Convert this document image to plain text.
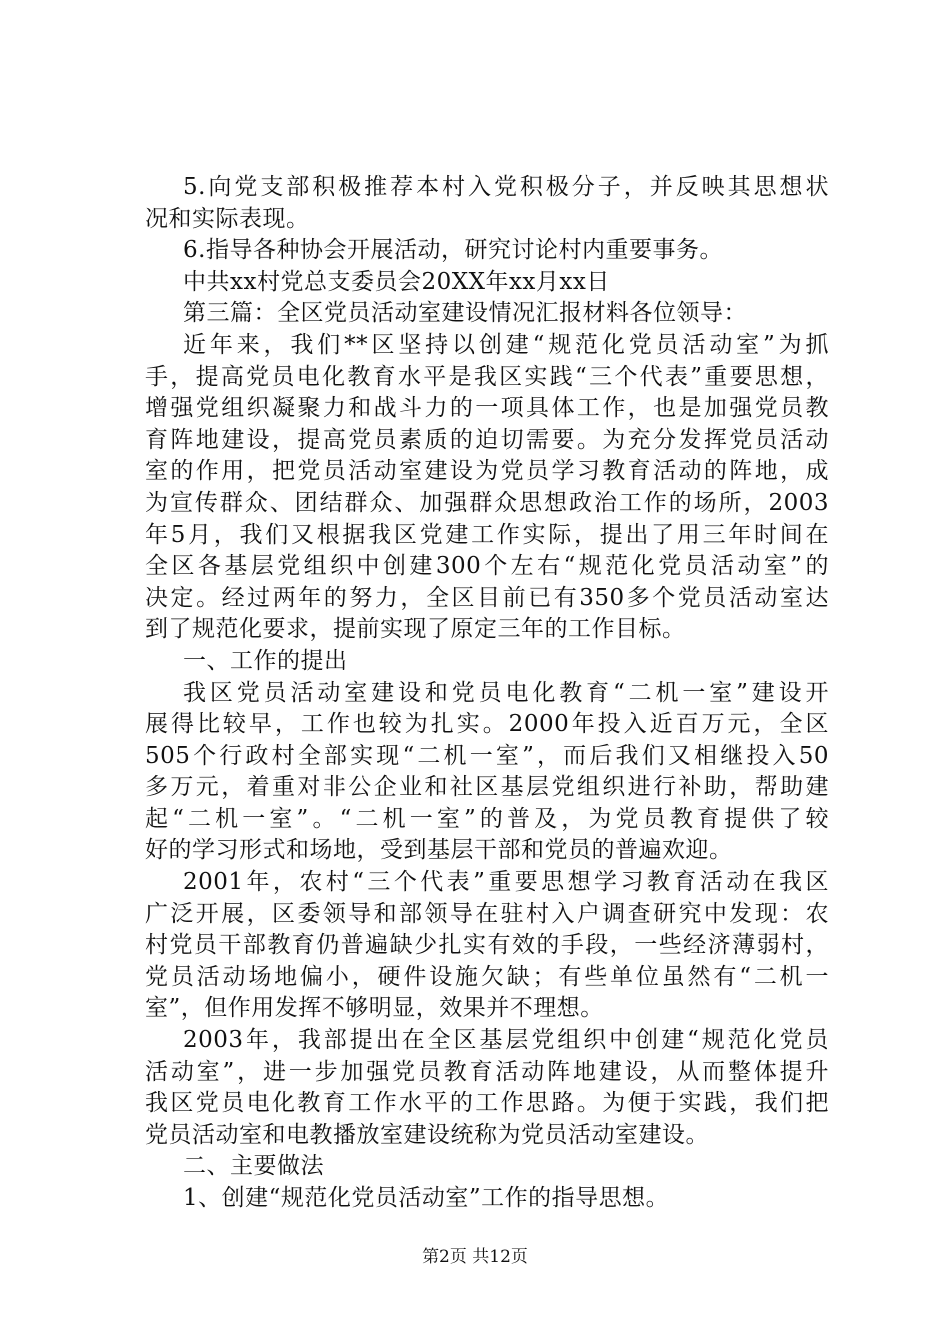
5.向党支部积极推荐本村入党积极分子，并反映其思想状
况和实际表现。
6.指导各种协会开展活动，研究讨论村内重要事务。
中共xx村党总支委员会20XX年xx月xx日
第三篇：全区党员活动室建设情况汇报材料各位领导：
近年来，我们**区坚持以创建“规范化党员活动室”为抓
手，提高党员电化教育水平是我区实践“三个代表”重要思想，
增强党组织凝聚力和战斗力的一项具体工作，也是加强党员教
育阵地建设，提高党员素质的迫切需要。为充分发挥党员活动
室的作用，把党员活动室建设为党员学习教育活动的阵地，成
为宣传群众、团结群众、加强群众思想政治工作的场所，2003
年5月，我们又根据我区党建工作实际，提出了用三年时间在
全区各基层党组织中创建300个左右“规范化党员活动室”的
决定。经过两年的努力，全区目前已有350多个党员活动室达
到了规范化要求，提前实现了原定三年的工作目标。
一、工作的提出
我区党员活动室建设和党员电化教育“二机一室”建设开
展得比较早，工作也较为扎实。2000年投入近百万元，全区
505个行政村全部实现“二机一室”，而后我们又相继投入50
多万元，着重对非公企业和社区基层党组织进行补助，帮助建
起“二机一室”。“二机一室”的普及，为党员教育提供了较
好的学习形式和场地，受到基层干部和党员的普遍欢迎。
2001年，农村“三个代表”重要思想学习教育活动在我区
广泛开展，区委领导和部领导在驻村入户调查研究中发现：农
村党员干部教育仍普遍缺少扎实有效的手段，一些经济薄弱村，
党员活动场地偏小，硬件设施欠缺；有些单位虽然有“二机一
室”，但作用发挥不够明显，效果并不理想。
2003年，我部提出在全区基层党组织中创建“规范化党员
活动室”，进一步加强党员教育活动阵地建设，从而整体提升
我区党员电化教育工作水平的工作思路。为便于实践，我们把
党员活动室和电教播放室建设统称为党员活动室建设。
二、主要做法
1、创建“规范化党员活动室”工作的指导思想。
第2页 共12页
